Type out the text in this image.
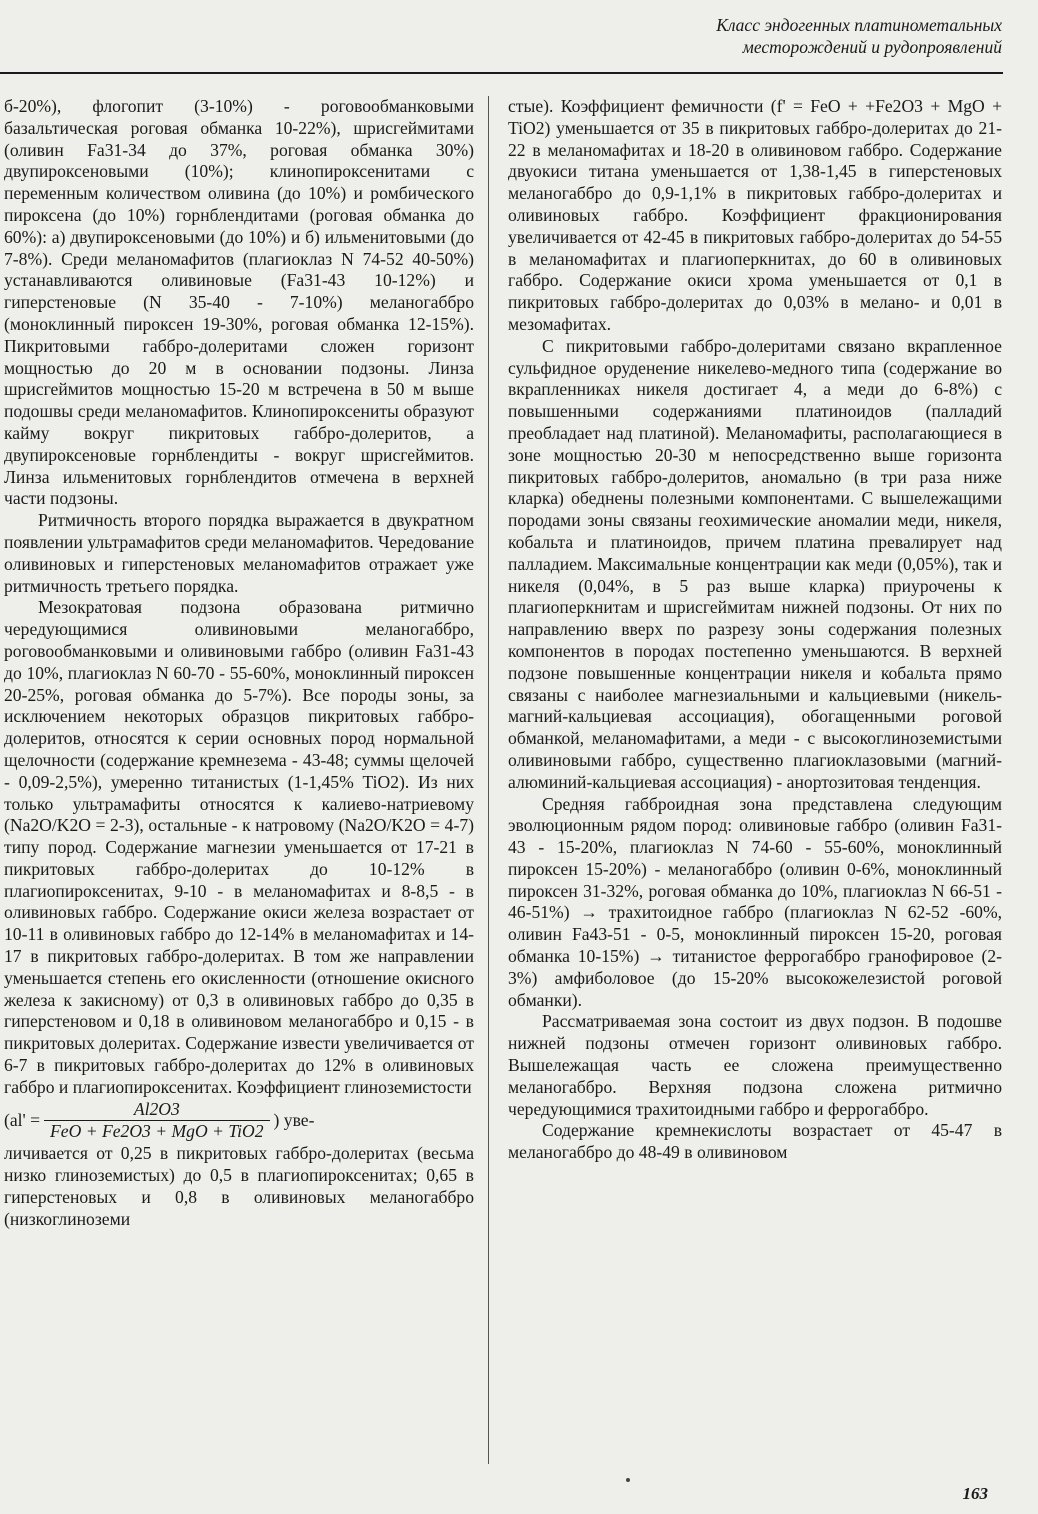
Класс эндогенных платинометальных
месторождений и рудопроявлений

б-20%), флогопит (3-10%) - роговообманковыми базальтическая роговая обманка 10-22%), шрисгеймитами (оливин Fa31-34 до 37%, роговая обманка 30%) двупироксеновыми (10%); клинопироксенитами с переменным количеством оливина (до 10%) и ромбического пироксена (до 10%) горнблендитами (роговая обманка до 60%): а) двупироксеновыми (до 10%) и б) ильменитовыми (до 7-8%). Среди меланомафитов (плагиоклаз N 74-52 40-50%) устанавливаются оливиновые (Fa31-43 10-12%) и гиперстеновые (N 35-40 - 7-10%) меланогаббро (моноклинный пироксен 19-30%, роговая обманка 12-15%). Пикритовыми габбро-долеритами сложен горизонт мощностью до 20 м в основании подзоны. Линза шрисгеймитов мощностью 15-20 м встречена в 50 м выше подошвы среди меланомафитов. Клинопироксениты образуют кайму вокруг пикритовых габбро-долеритов, а двупироксеновые горнблендиты - вокруг шрисгеймитов. Линза ильменитовых горнблендитов отмечена в верхней части подзоны.

Ритмичность второго порядка выражается в двукратном появлении ультрамафитов среди меланомафитов. Чередование оливиновых и гиперстеновых меланомафитов отражает уже ритмичность третьего порядка.

Мезократовая подзона образована ритмично чередующимися оливиновыми меланогаббро, роговообманковыми и оливиновыми габбро (оливин Fa31-43 до 10%, плагиоклаз N 60-70 - 55-60%, моноклинный пироксен 20-25%, роговая обманка до 5-7%). Все породы зоны, за исключением некоторых образцов пикритовых габбро-долеритов, относятся к серии основных пород нормальной щелочности (содержание кремнезема - 43-48; суммы щелочей - 0,09-2,5%), умеренно титанистых (1-1,45% TiO2). Из них только ультрамафиты относятся к калиево-натриевому (Na2O/K2O = 2-3), остальные - к натровому (Na2O/K2O = 4-7) типу пород. Содержание магнезии уменьшается от 17-21 в пикритовых габбро-долеритах до 10-12% в плагиопироксенитах, 9-10 - в меланомафитах и 8-8,5 - в оливиновых габбро. Содержание окиси железа возрастает от 10-11 в оливиновых габбро до 12-14% в меланомафитах и 14-17 в пикритовых габбро-долеритах. В том же направлении уменьшается степень его окисленности (отношение окисного железа к закисному) от 0,3 в оливиновых габбро до 0,35 в гиперстеновом и 0,18 в оливиновом меланогаббро и 0,15 - в пикритовых долеритах. Содержание извести увеличивается от 6-7 в пикритовых габбро-долеритах до 12% в оливиновых габбро и плагиопироксенитах. Коэффициент глиноземистости

($al' = \frac{Al2O3}{\text{FeO + Fe2O3 + MgO + TiO2}}$ ) уве-

личивается от 0,25 в пикритовых габбро-долеритах (весьма низко глиноземистых) до 0,5 в плагиопироксенитах; 0,65 в гиперстеновых и 0,8 в оливиновых меланогаббро (низкоглиноземи

стые). Коэффициент фемичности (f' = FeO + +Fe2O3 + MgO + TiO2) уменьшается от 35 в пикритовых габбро-долеритах до 21-22 в меланомафитах и 18-20 в оливиновом габбро. Содержание двуокиси титана уменьшается от 1,38-1,45 в гиперстеновых меланогаббро до 0,9-1,1% в пикритовых габбро-долеритах и оливиновых габбро. Коэффициент фракционирования увеличивается от 42-45 в пикритовых габбро-долеритах до 54-55 в меланомафитах и плагиоперкнитах, до 60 в оливиновых габбро. Содержание окиси хрома уменьшается от 0,1 в пикритовых габбро-долеритах до 0,03% в мелано- и 0,01 в мезомафитах.

С пикритовыми габбро-долеритами связано вкрапленное сульфидное оруденение никелево-медного типа (содержание во вкрапленниках никеля достигает 4, а меди до 6-8%) с повышенными содержаниями платиноидов (палладий преобладает над платиной). Меланомафиты, располагающиеся в зоне мощностью 20-30 м непосредственно выше горизонта пикритовых габбро-долеритов, аномально (в три раза ниже кларка) обеднены полезными компонентами. С вышележащими породами зоны связаны геохимические аномалии меди, никеля, кобальта и платиноидов, причем платина превалирует над палладием. Максимальные концентрации как меди (0,05%), так и никеля (0,04%, в 5 раз выше кларка) приурочены к плагиоперкнитам и шрисгеймитам нижней подзоны. От них по направлению вверх по разрезу зоны содержания полезных компонентов в породах постепенно уменьшаются. В верхней подзоне повышенные концентрации никеля и кобальта прямо связаны с наиболее магнезиальными и кальциевыми (никель-магний-кальциевая ассоциация), обогащенными роговой обманкой, меланомафитами, а меди - с высокоглиноземистыми оливиновыми габбро, существенно плагиоклазовыми (магний-алюминий-кальциевая ассоциация) - анортозитовая тенденция.

Средняя габброидная зона представлена следующим эволюционным рядом пород: оливиновые габбро (оливин Fa31-43 - 15-20%, плагиоклаз N 74-60 - 55-60%, моноклинный пироксен 15-20%) - меланогаббро (оливин 0-6%, моноклинный пироксен 31-32%, роговая обманка до 10%, плагиоклаз N 66-51 - 46-51%) → трахитоидное габбро (плагиоклаз N 62-52 -60%, оливин Fa43-51 - 0-5, моноклинный пироксен 15-20, роговая обманка 10-15%) → титанистое феррогаббро гранофировое (2-3%) амфиболовое (до 15-20% высокожелезистой роговой обманки).

Рассматриваемая зона состоит из двух подзон. В подошве нижней подзоны отмечен горизонт оливиновых габбро. Вышележащая часть ее сложена преимущественно меланогаббро. Верхняя подзона сложена ритмично чередующимися трахитоидными габбро и феррогаббро.

Содержание кремнекислоты возрастает от 45-47 в меланогаббро до 48-49 в оливиновом

163
